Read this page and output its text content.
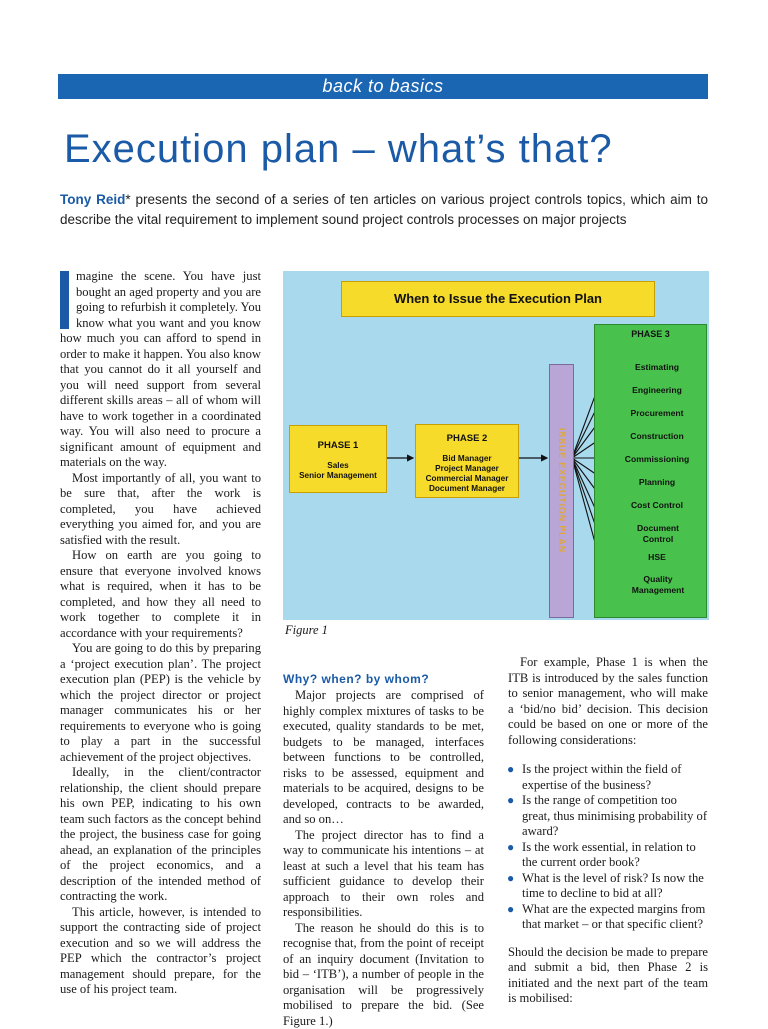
back to basics
Execution plan – what’s that?
Tony Reid* presents the second of a series of ten articles on various project controls topics, which aim to describe the vital requirement to implement sound project controls processes on major projects

magine the scene. You have just bought an aged property and you are going to refurbish it completely. You know what you want and you know how much you can afford to spend in order to make it happen. You also know that you cannot do it all yourself and you will need support from several different skills areas – all of whom will have to work together in a coordinated way. You will also need to procure a significant amount of equipment and materials on the way.

Most importantly of all, you want to be sure that, after the work is completed, you have achieved everything you aimed for, and you are satisfied with the result.

How on earth are you going to ensure that everyone involved knows what is required, when it has to be completed, and how they all need to work together to complete it in accordance with your requirements?

You are going to do this by preparing a ‘project execution plan’. The project execution plan (PEP) is the vehicle by which the project director or project manager communicates his or her requirements to everyone who is going to play a part in the successful achievement of the project objectives.

Ideally, in the client/contractor relationship, the client should prepare his own PEP, indicating to his own team such factors as the concept behind the project, the business case for going ahead, an explanation of the principles of the project economics, and a description of the intended method of contracting the work.

This article, however, is intended to support the contracting side of project execution and so we will address the PEP which the contractor’s project management should prepare, for the use of his project team.

When to Issue the Execution Plan
PHASE 1
Sales
Senior Management
PHASE 2
Bid Manager
Project Manager
Commercial Manager
Document Manager	ISSUE EXECUTION PLAN
PHASE 3
Estimating
Engineering
Procurement
Construction
Commissioning
Planning
Cost Control
Document Control
HSE
Quality Management
Figure 1
Why? when? by whom?

Major projects are comprised of highly complex mixtures of tasks to be executed, quality standards to be met, budgets to be managed, interfaces between functions to be controlled, risks to be assessed, equipment and materials to be acquired, designs to be developed, contracts to be awarded, and so on…

The project director has to find a way to communicate his intentions – at least at such a level that his team has sufficient guidance to develop their approach to their own roles and responsibilities.

The reason he should do this is to recognise that, from the point of receipt of an inquiry document (Invitation to bid – ‘ITB’), a number of people in the organisation will be progressively mobilised to prepare the bid. (See Figure 1.)

For example, Phase 1 is when the ITB is introduced by the sales function to senior management, who will make a ‘bid/no bid’ decision. This decision could be based on one or more of the following considerations:

● Is the project within the field of expertise of the business?
● Is the range of competition too great, thus minimising probability of award?
● Is the work essential, in relation to the current order book?
● What is the level of risk? Is now the time to decline to bid at all?
● What are the expected margins from that market – or that specific client?

Should the decision be made to prepare and submit a bid, then Phase 2 is initiated and the next part of the team is mobilised:
